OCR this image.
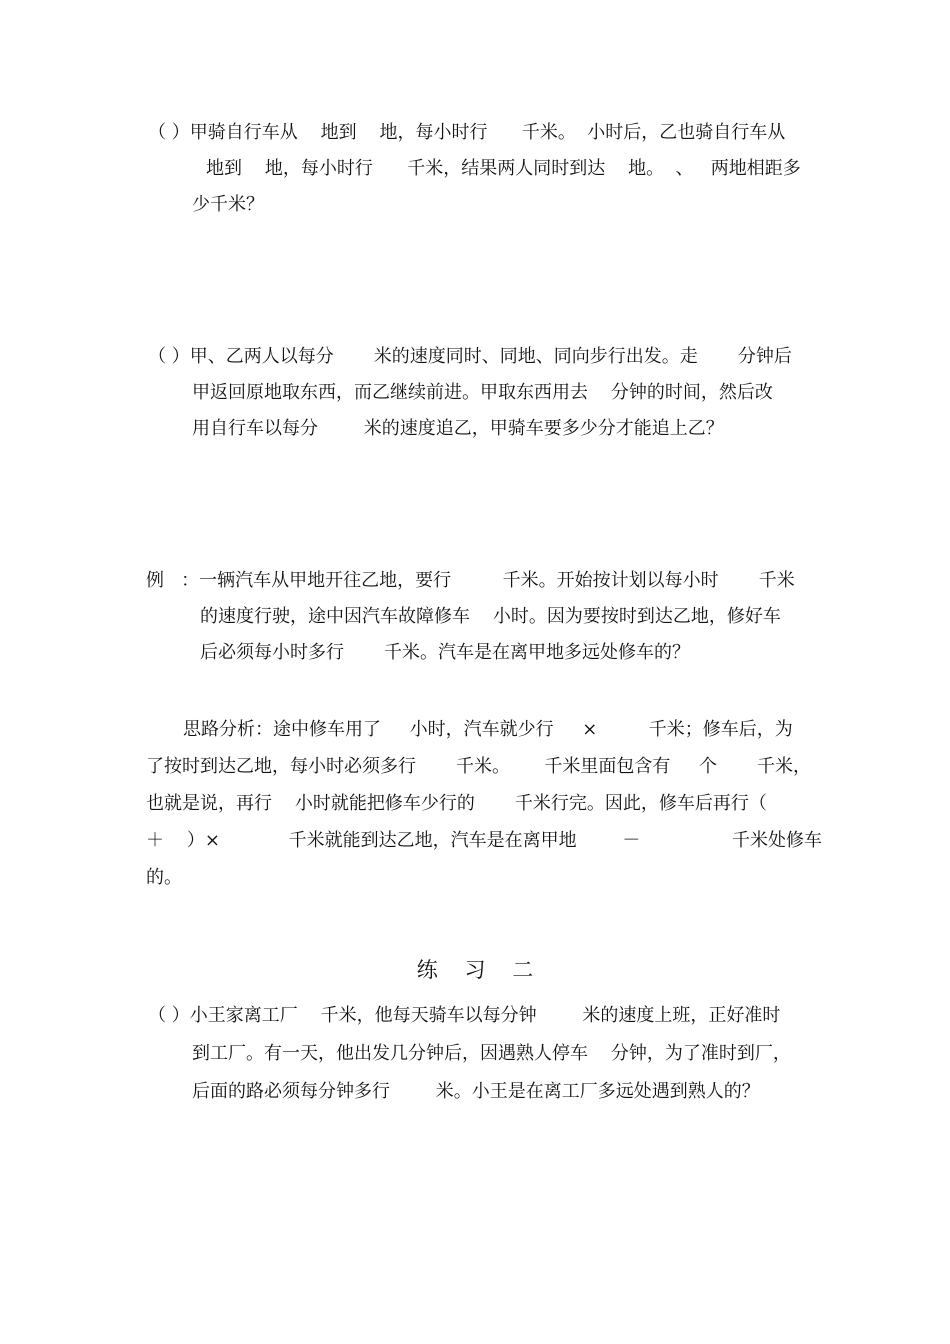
（ ）甲骑自行车从    地到    地，每小时行      千米。  小时后，乙也骑自行车从
地到    地，每小时行      千米，结果两人同时到达    地。  、   两地相距多
少千米？
（ ）甲、乙两人以每分       米的速度同时、同地、同向步行出发。走       分钟后
甲返回原地取东西，而乙继续前进。甲取东西用去    分钟的时间，然后改
用自行车以每分        米的速度追乙，甲骑车要多少分才能追上乙？
例   ：一辆汽车从甲地开往乙地，要行         千米。开始按计划以每小时       千米
的速度行驶，途中因汽车故障修车    小时。因为要按时到达乙地，修好车
后必须每小时多行       千米。汽车是在离甲地多远处修车的？
思路分析：途中修车用了     小时，汽车就少行     ×         千米；修车后，为
了按时到达乙地，每小时必须多行       千米。      千米里面包含有     个       千米，
也就是说，再行    小时就能把修车少行的       千米行完。因此，修车后再行（
＋    ）×            千米就能到达乙地，汽车是在离甲地        －                千米处修车
的。
练    习    二
（ ）小王家离工厂    千米，他每天骑车以每分钟        米的速度上班，正好准时
到工厂。有一天，他出发几分钟后，因遇熟人停车    分钟，为了准时到厂，
后面的路必须每分钟多行        米。小王是在离工厂多远处遇到熟人的？
